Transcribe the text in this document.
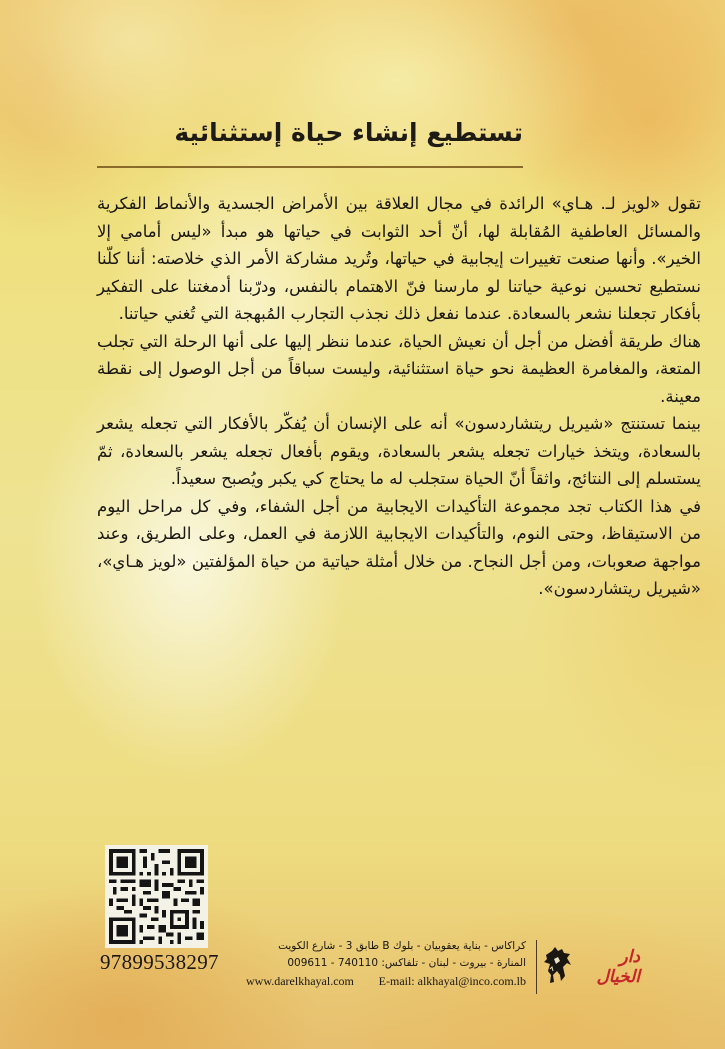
تستطيع إنشاء حياة إستثنائية

تقول «لويز لـ. هـاي» الرائدة في مجال العلاقة بين الأمراض الجسدية والأنماط الفكرية والمسائل العاطفية المُقابلة لها، أنّ أحد الثوابت في حياتها هو مبدأ «ليس أمامي إلا الخير». وأنها صنعت تغييرات إيجابية في حياتها، وتُريد مشاركة الأمر الذي خلاصته: أننا كلّنا نستطيع تحسين نوعية حياتنا لو مارسنا فنّ الاهتمام بالنفس، ودرّبنا أدمغتنا على التفكير بأفكار تجعلنا نشعر بالسعادة. عندما نفعل ذلك نجذب التجارب المُبهجة التي تُغني حياتنا.

هناك طريقة أفضل من أجل أن نعيش الحياة، عندما ننظر إليها على أنها الرحلة التي تجلب المتعة، والمغامرة العظيمة نحو حياة استثنائية، وليست سباقاً من أجل الوصول إلى نقطة معينة.

بينما تستنتج «شيريل ريتشاردسون» أنه على الإنسان أن يُفكّر بالأفكار التي تجعله يشعر بالسعادة، ويتخذ خيارات تجعله يشعر بالسعادة، ويقوم بأفعال تجعله يشعر بالسعادة، ثمّ يستسلم إلى النتائج، واثقاً أنّ الحياة ستجلب له ما يحتاج كي يكبر ويُصبح سعيداً.

في هذا الكتاب تجد مجموعة التأكيدات الايجابية من أجل الشفاء، وفي كل مراحل اليوم من الاستيقاظ، وحتى النوم، والتأكيدات الايجابية اللازمة في العمل، وعلى الطريق، وعند مواجهة صعوبات، ومن أجل النجاح. من خلال أمثلة حياتية من حياة المؤلفتين «لويز هـاي»، «شيريل ريتشاردسون».

97899538297
كراكاس - بناية يعقوبيان - بلوك B طابق 3 - شارع الكويت
المنارة - بيروت - لبنان - تلفاكس: 740110 - 009611
www.darelkhayal.com E-mail: alkhayal@inco.com.lb
دار الخيال
